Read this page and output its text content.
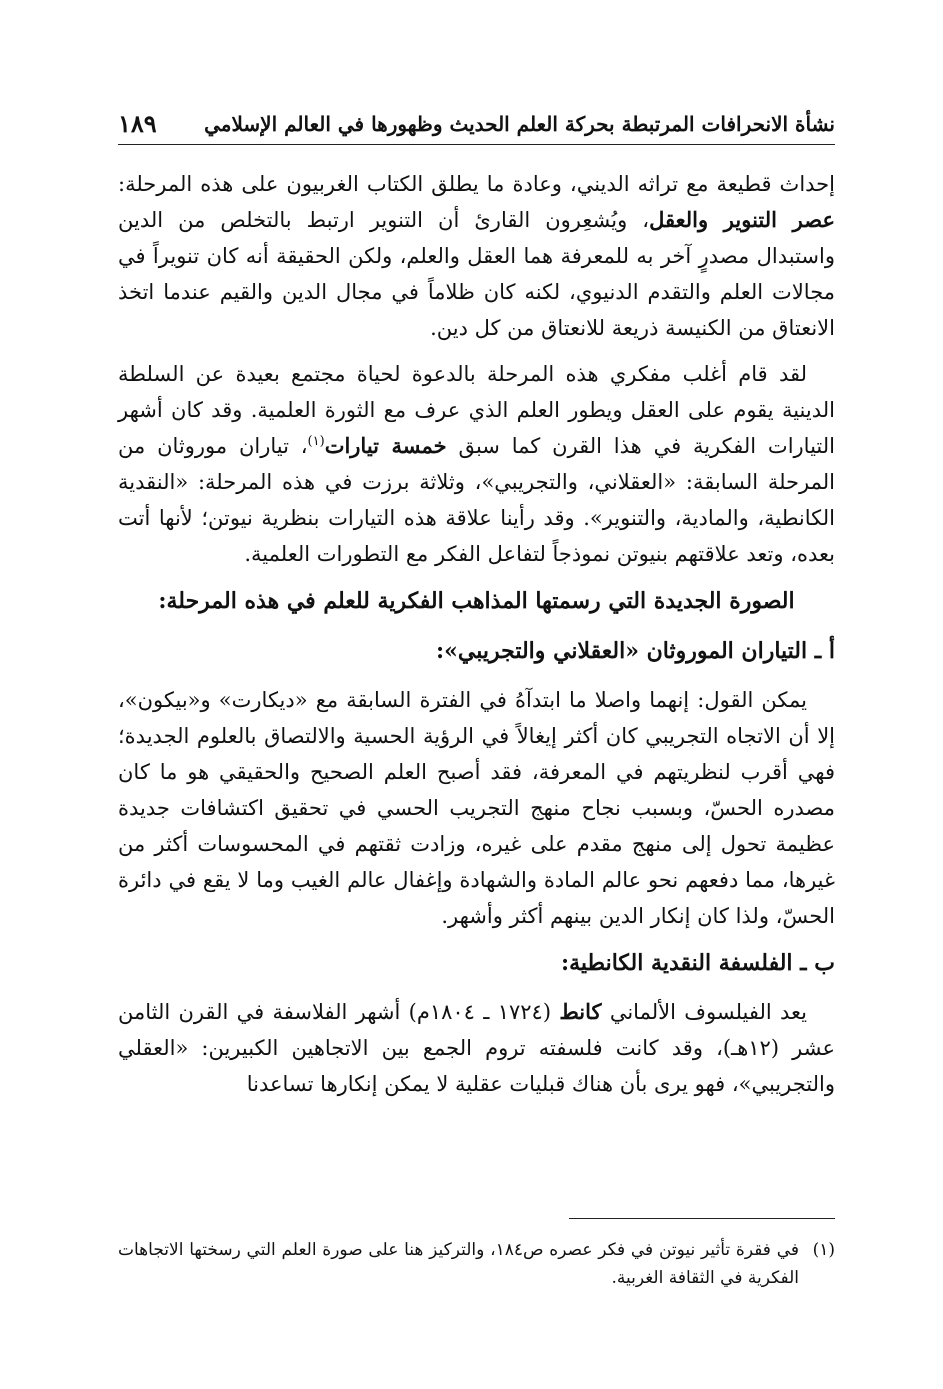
نشأة الانحرافات المرتبطة بحركة العلم الحديث وظهورها في العالم الإسلامي
١٨٩

إحداث قطيعة مع تراثه الديني، وعادة ما يطلق الكتاب الغربيون على هذه المرحلة: عصر التنوير والعقل، ويُشعِرون القارئ أن التنوير ارتبط بالتخلص من الدين واستبدال مصدرٍ آخر به للمعرفة هما العقل والعلم، ولكن الحقيقة أنه كان تنويراً في مجالات العلم والتقدم الدنيوي، لكنه كان ظلاماً في مجال الدين والقيم عندما اتخذ الانعتاق من الكنيسة ذريعة للانعتاق من كل دين.

لقد قام أغلب مفكري هذه المرحلة بالدعوة لحياة مجتمع بعيدة عن السلطة الدينية يقوم على العقل ويطور العلم الذي عرف مع الثورة العلمية. وقد كان أشهر التيارات الفكرية في هذا القرن كما سبق خمسة تيارات$^{(١)}$، تياران موروثان من المرحلة السابقة: «العقلاني، والتجريبي»، وثلاثة برزت في هذه المرحلة: «النقدية الكانطية، والمادية، والتنوير». وقد رأينا علاقة هذه التيارات بنظرية نيوتن؛ لأنها أتت بعده، وتعد علاقتهم بنيوتن نموذجاً لتفاعل الفكر مع التطورات العلمية.

الصورة الجديدة التي رسمتها المذاهب الفكرية للعلم في هذه المرحلة:
أ ـ التياران الموروثان «العقلاني والتجريبي»:

يمكن القول: إنهما واصلا ما ابتدآهُ في الفترة السابقة مع «ديكارت» و«بيكون»، إلا أن الاتجاه التجريبي كان أكثر إيغالاً في الرؤية الحسية والالتصاق بالعلوم الجديدة؛ فهي أقرب لنظريتهم في المعرفة، فقد أصبح العلم الصحيح والحقيقي هو ما كان مصدره الحسّ، وبسبب نجاح منهج التجريب الحسي في تحقيق اكتشافات جديدة عظيمة تحول إلى منهج مقدم على غيره، وزادت ثقتهم في المحسوسات أكثر من غيرها، مما دفعهم نحو عالم المادة والشهادة وإغفال عالم الغيب وما لا يقع في دائرة الحسّ، ولذا كان إنكار الدين بينهم أكثر وأشهر.

ب ـ الفلسفة النقدية الكانطية:

يعد الفيلسوف الألماني كانط (١٧٢٤ ـ ١٨٠٤م) أشهر الفلاسفة في القرن الثامن عشر (١٢هـ)، وقد كانت فلسفته تروم الجمع بين الاتجاهين الكبيرين: «العقلي والتجريبي»، فهو يرى بأن هناك قبليات عقلية لا يمكن إنكارها تساعدنا

(١)
في فقرة تأثير نيوتن في فكر عصره ص١٨٤، والتركيز هنا على صورة العلم التي رسختها الاتجاهات الفكرية في الثقافة الغربية.
